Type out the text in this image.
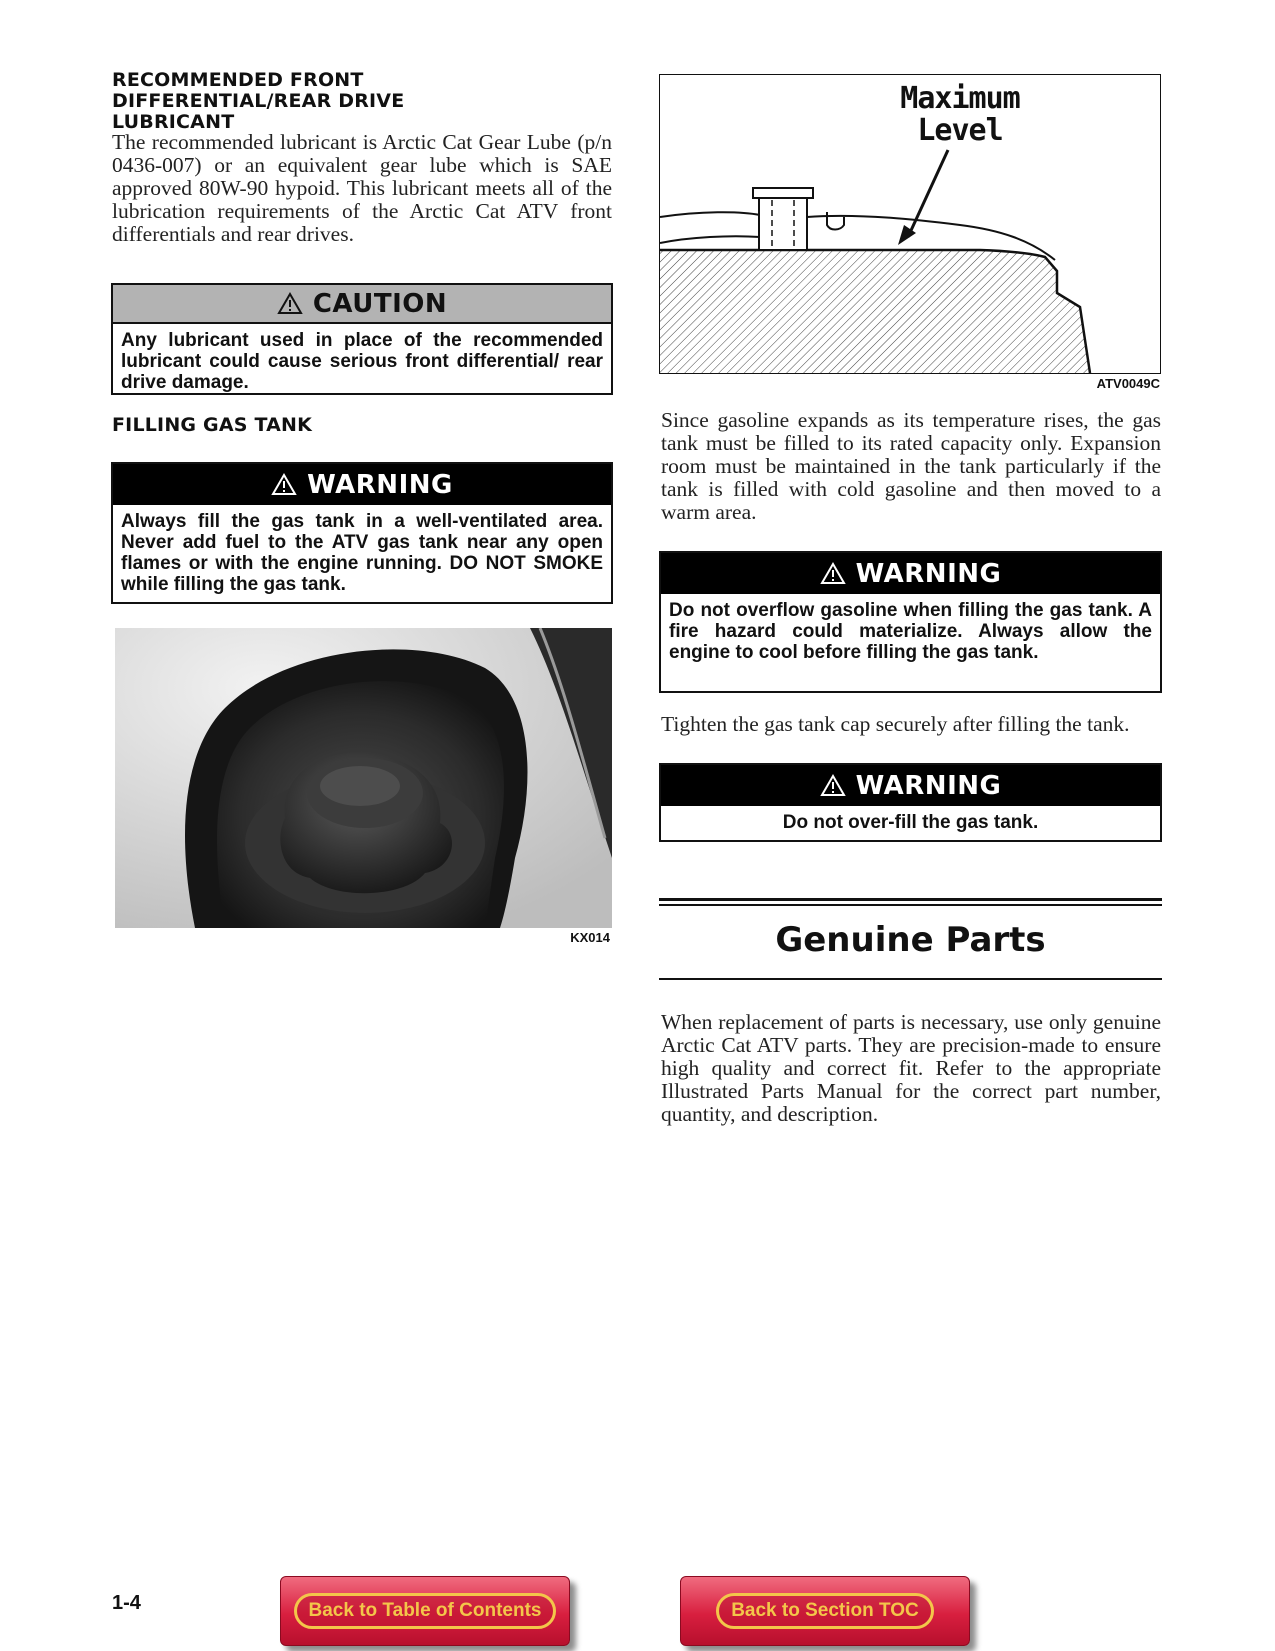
RECOMMENDED FRONT
DIFFERENTIAL/REAR DRIVE
LUBRICANT

The recommended lubricant is Arctic Cat Gear Lube (p/n 0436-007) or an equivalent gear lube which is SAE approved 80W-90 hypoid. This lubricant meets all of the lubrication requirements of the Arctic Cat ATV front differentials and rear drives.

CAUTION
Any lubricant used in place of the recommended lubricant could cause serious front differential/ rear drive damage.
FILLING GAS TANK
WARNING
Always fill the gas tank in a well-ventilated area. Never add fuel to the ATV gas tank near any open flames or with the engine running. DO NOT SMOKE while filling the gas tank.
KX014
Maximum
Level
ATV0049C

Since gasoline expands as its temperature rises, the gas tank must be filled to its rated capacity only. Expansion room must be maintained in the tank particularly if the tank is filled with cold gasoline and then moved to a warm area.

WARNING
Do not overflow gasoline when filling the gas tank. A fire hazard could materialize. Always allow the engine to cool before filling the gas tank.

Tighten the gas tank cap securely after filling the tank.

WARNING
Do not over-fill the gas tank.
Genuine Parts

When replacement of parts is necessary, use only genuine Arctic Cat ATV parts. They are precision-made to ensure high quality and correct fit. Refer to the appropriate Illustrated Parts Manual for the correct part number, quantity, and description.

1-4	Back to Table of Contents	Back to Section TOC
